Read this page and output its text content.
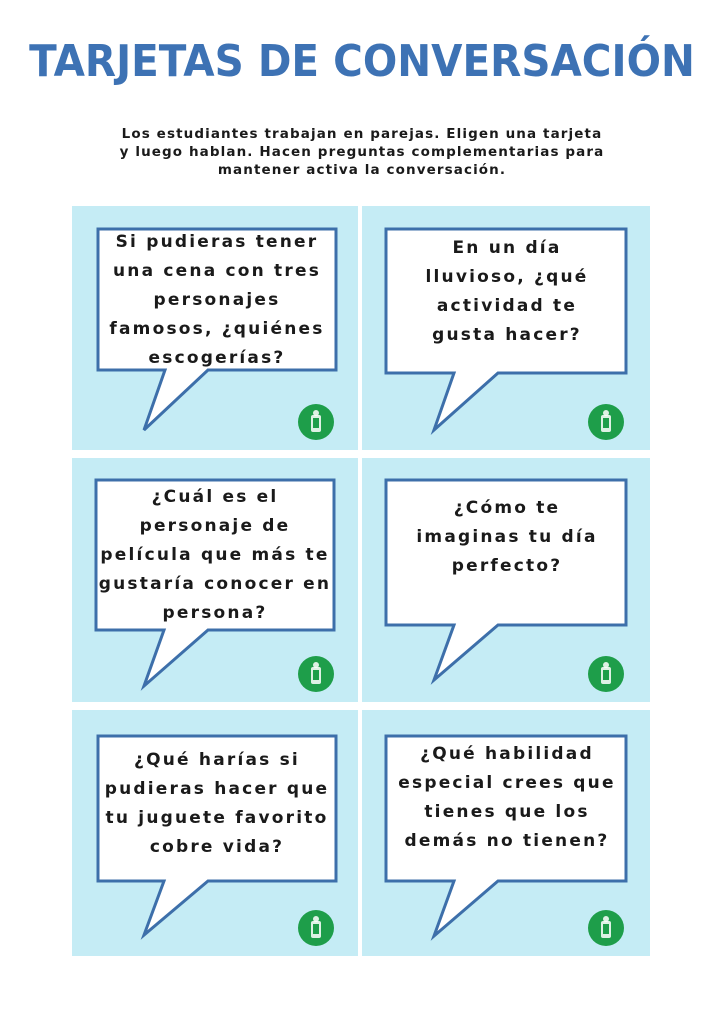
TARJETAS DE CONVERSACIÓN
Los estudiantes trabajan en parejas. Eligen una tarjeta
y luego hablan. Hacen preguntas complementarias para
mantener activa la conversación.
Si pudieras tener una cena con tres personajes famosos, ¿quiénes escogerías?
En un día lluvioso, ¿qué actividad te gusta hacer?
¿Cuál es el personaje de película que más te gustaría conocer en persona?
¿Cómo te imaginas tu día perfecto?
¿Qué harías si pudieras hacer que tu juguete favorito cobre vida?
¿Qué habilidad especial crees que tienes que los demás no tienen?
